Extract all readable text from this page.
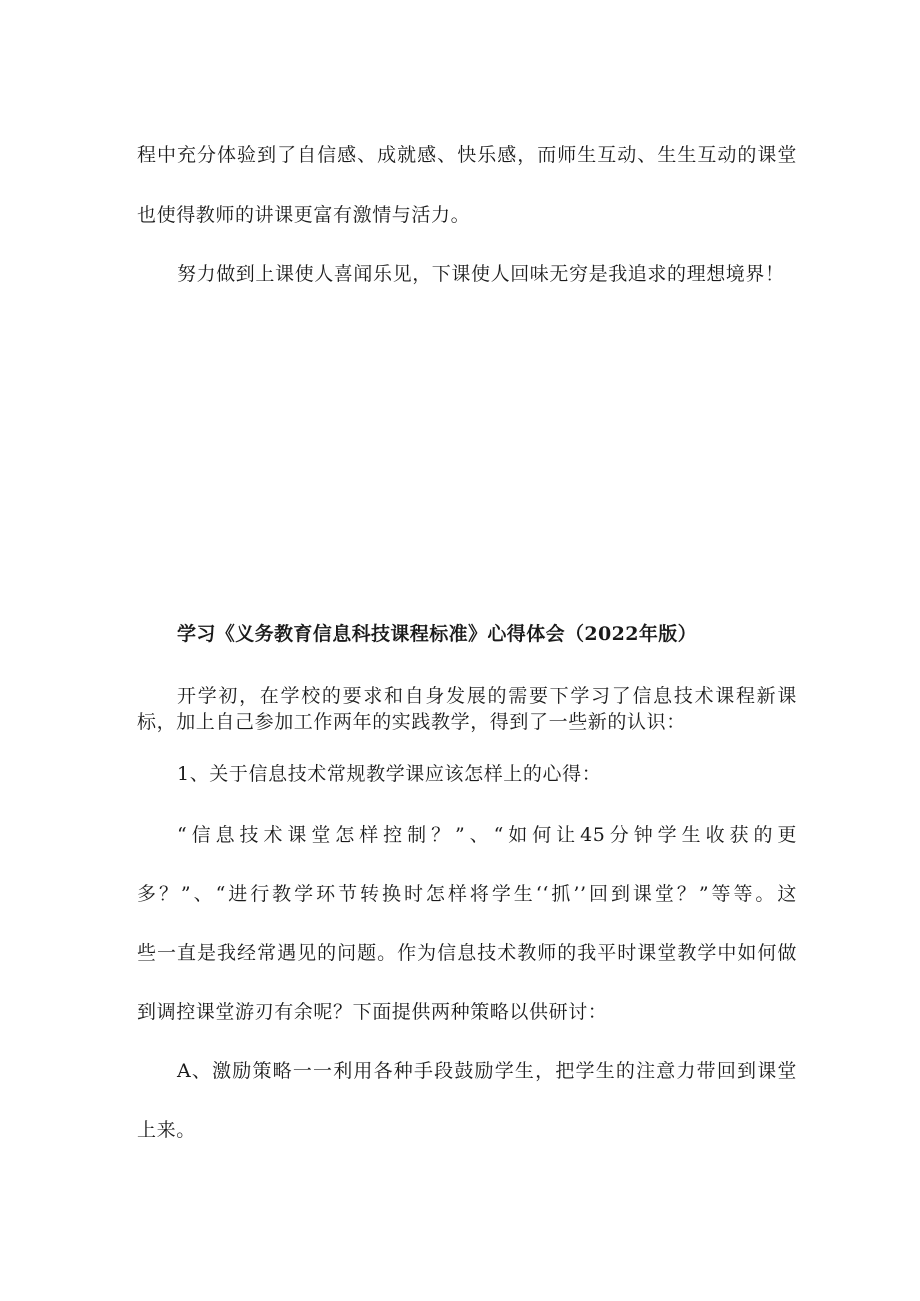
程中充分体验到了自信感、成就感、快乐感，而师生互动、生生互动的课堂
也使得教师的讲课更富有激情与活力。
努力做到上课使人喜闻乐见，下课使人回味无穷是我追求的理想境界！
学习《义务教育信息科技课程标准》心得体会（2022年版）
开学初，在学校的要求和自身发展的需要下学习了信息技术课程新课
标，加上自己参加工作两年的实践教学，得到了一些新的认识：
1、关于信息技术常规教学课应该怎样上的心得：
“信息技术课堂怎样控制？”、“如何让45分钟学生收获的更
多？”、“进行教学环节转换时怎样将学生‘‘抓’’回到课堂？”等等。这
些一直是我经常遇见的问题。作为信息技术教师的我平时课堂教学中如何做
到调控课堂游刃有余呢？下面提供两种策略以供研讨：
A、激励策略一一利用各种手段鼓励学生，把学生的注意力带回到课堂
上来。
